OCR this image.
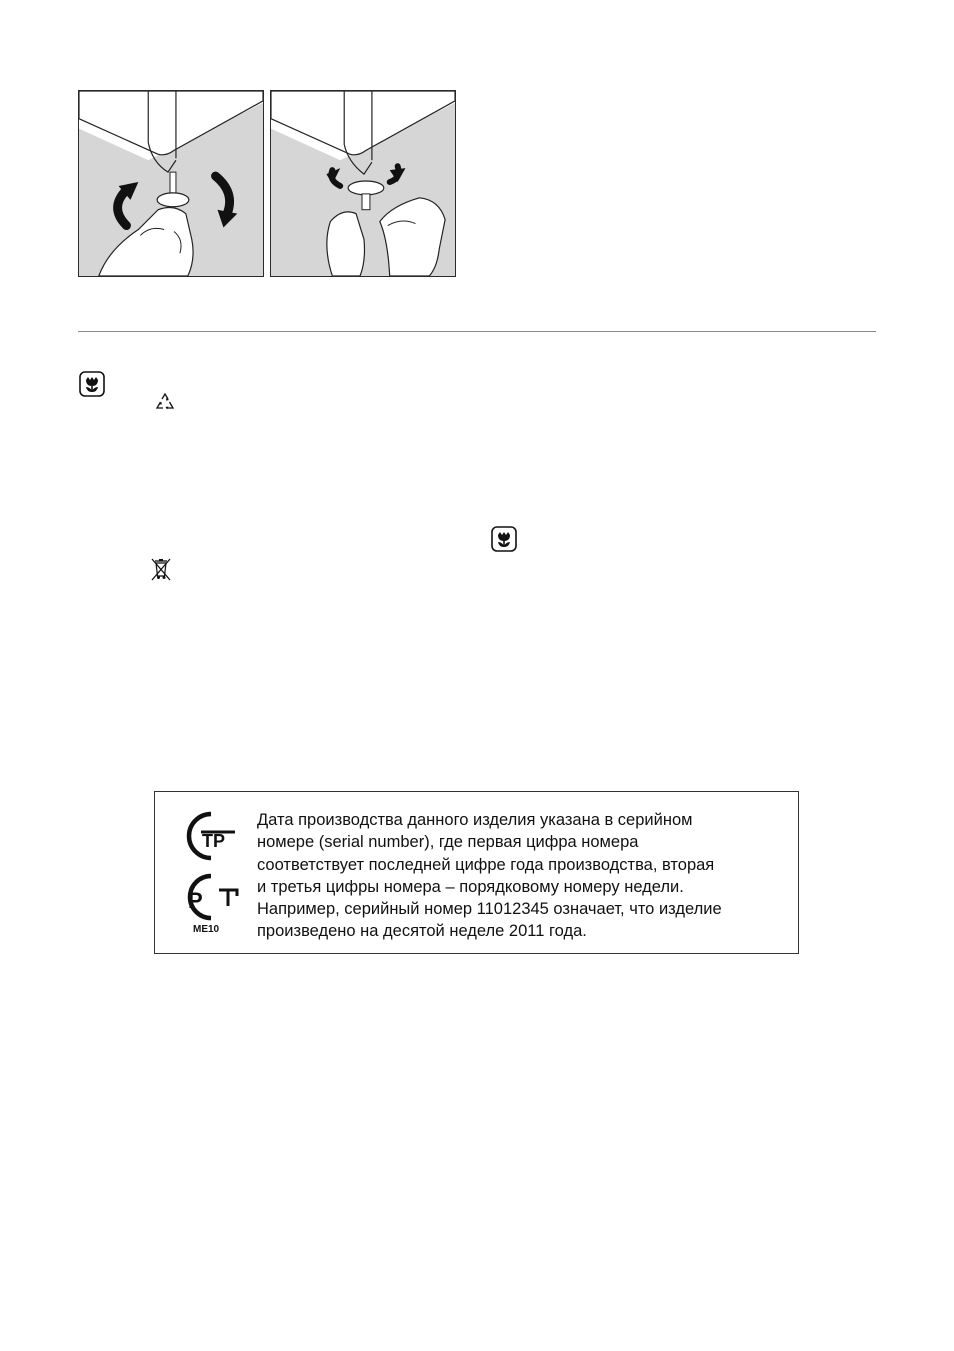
ТР
Р
ME10

Дата производства данного изделия указана в серийном

номере (serial number), где первая цифра номера

соответствует последней цифре года производства, вторая

и третья цифры номера – порядковому номеру недели.

Например, серийный номер 11012345 означает, что изделие

произведено на десятой неделе 2011 года.
